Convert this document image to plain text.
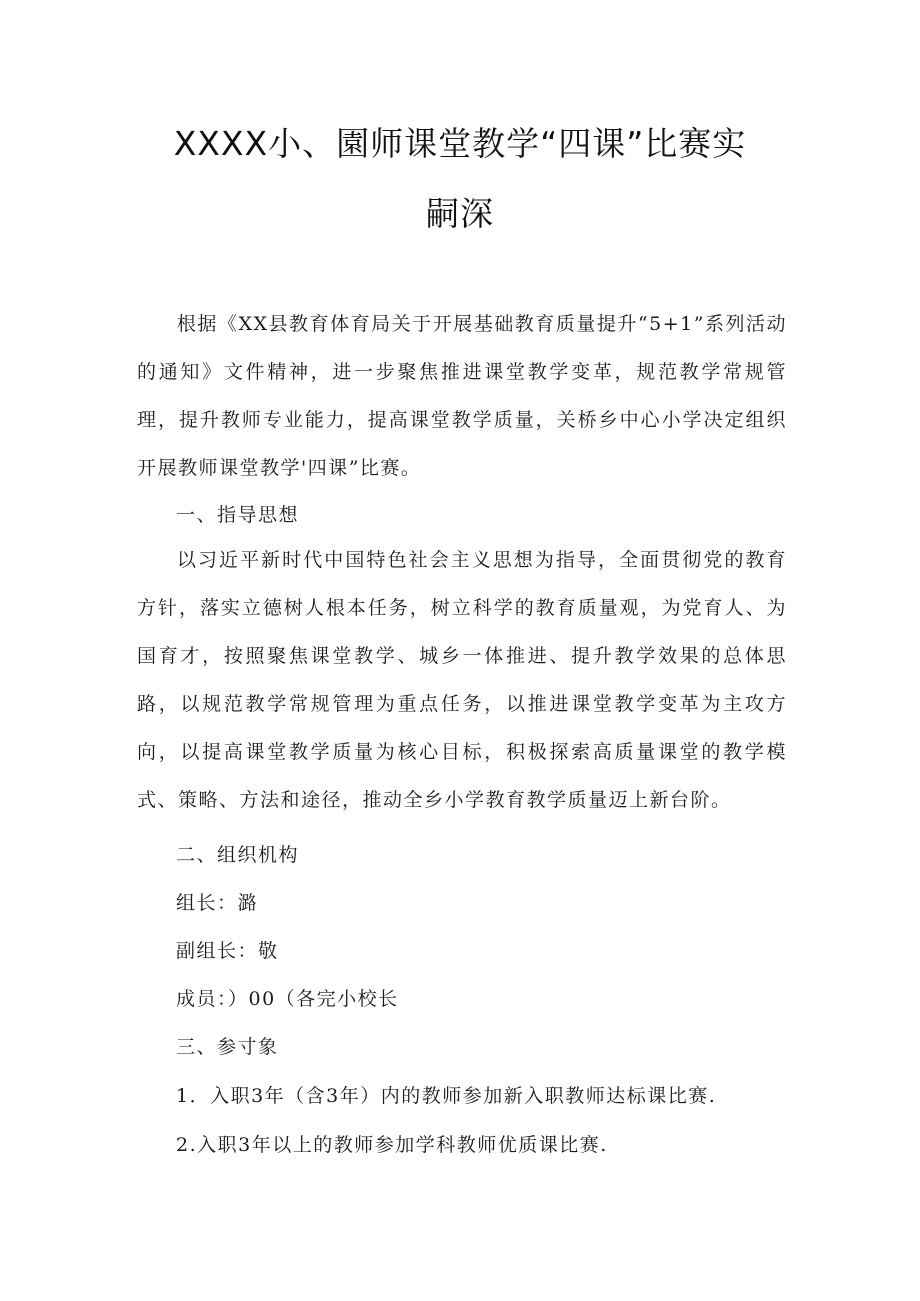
XXXX小、園师课堂教学“四课”比赛实
嗣深

根据《XX县教育体育局关于开展基础教育质量提升“5+1”系列活动的通知》文件精神，进一步聚焦推进课堂教学变革，规范教学常规管理，提升教师专业能力，提高课堂教学质量，关桥乡中心小学决定组织开展教师课堂教学'四课”比赛。

一、指导思想

以习近平新时代中国特色社会主义思想为指导，全面贯彻党的教育方针，落实立德树人根本任务，树立科学的教育质量观，为党育人、为国育才，按照聚焦课堂教学、城乡一体推进、提升教学效果的总体思路，以规范教学常规管理为重点任务，以推进课堂教学变革为主攻方向，以提高课堂教学质量为核心目标，积极探索高质量课堂的教学模式、策略、方法和途径，推动全乡小学教育教学质量迈上新台阶。

二、组织机构
组长：潞
副组长：敬
成员：）00（各完小校长
三、参寸象
1．入职3年（含3年）内的教师参加新入职教师达标课比赛.
2.入职3年以上的教师参加学科教师优质课比赛.
